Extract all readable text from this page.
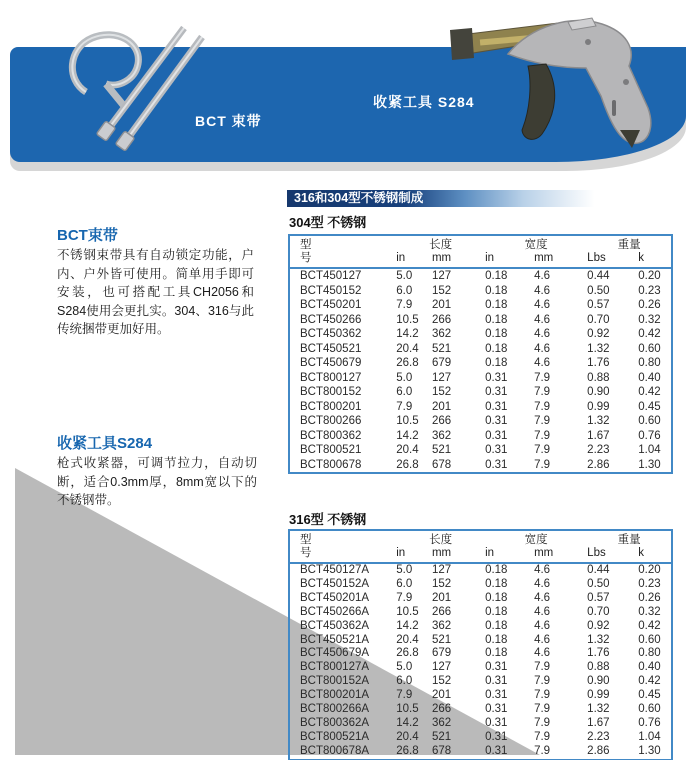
BCT 束带
收紧工具 S284
BCT束带
不锈钢束带具有自动锁定功能，户内、户外皆可使用。简单用手即可安装，也可搭配工具CH2056和S284使用会更扎实。304、316与此传统捆带更加好用。
收紧工具S284
枪式收紧器，可调节拉力，自动切断，适合0.3mm厚，8mm宽以下的不锈钢带。
316和304型不锈钢制成
304型 不锈钢
型	长度		宽度		重量	
号	in	mm	in	mm	Lbs	k
BCT450127	5.0	127	0.18	4.6	0.44	0.20
BCT450152	6.0	152	0.18	4.6	0.50	0.23
BCT450201	7.9	201	0.18	4.6	0.57	0.26
BCT450266	10.5	266	0.18	4.6	0.70	0.32
BCT450362	14.2	362	0.18	4.6	0.92	0.42
BCT450521	20.4	521	0.18	4.6	1.32	0.60
BCT450679	26.8	679	0.18	4.6	1.76	0.80
BCT800127	5.0	127	0.31	7.9	0.88	0.40
BCT800152	6.0	152	0.31	7.9	0.90	0.42
BCT800201	7.9	201	0.31	7.9	0.99	0.45
BCT800266	10.5	266	0.31	7.9	1.32	0.60
BCT800362	14.2	362	0.31	7.9	1.67	0.76
BCT800521	20.4	521	0.31	7.9	2.23	1.04
BCT800678	26.8	678	0.31	7.9	2.86	1.30
316型 不锈钢
型	长度		宽度		重量	
号	in	mm	in	mm	Lbs	k
BCT450127A	5.0	127	0.18	4.6	0.44	0.20
BCT450152A	6.0	152	0.18	4.6	0.50	0.23
BCT450201A	7.9	201	0.18	4.6	0.57	0.26
BCT450266A	10.5	266	0.18	4.6	0.70	0.32
BCT450362A	14.2	362	0.18	4.6	0.92	0.42
BCT450521A	20.4	521	0.18	4.6	1.32	0.60
BCT450679A	26.8	679	0.18	4.6	1.76	0.80
BCT800127A	5.0	127	0.31	7.9	0.88	0.40
BCT800152A	6.0	152	0.31	7.9	0.90	0.42
BCT800201A	7.9	201	0.31	7.9	0.99	0.45
BCT800266A	10.5	266	0.31	7.9	1.32	0.60
BCT800362A	14.2	362	0.31	7.9	1.67	0.76
BCT800521A	20.4	521	0.31	7.9	2.23	1.04
BCT800678A	26.8	678	0.31	7.9	2.86	1.30
